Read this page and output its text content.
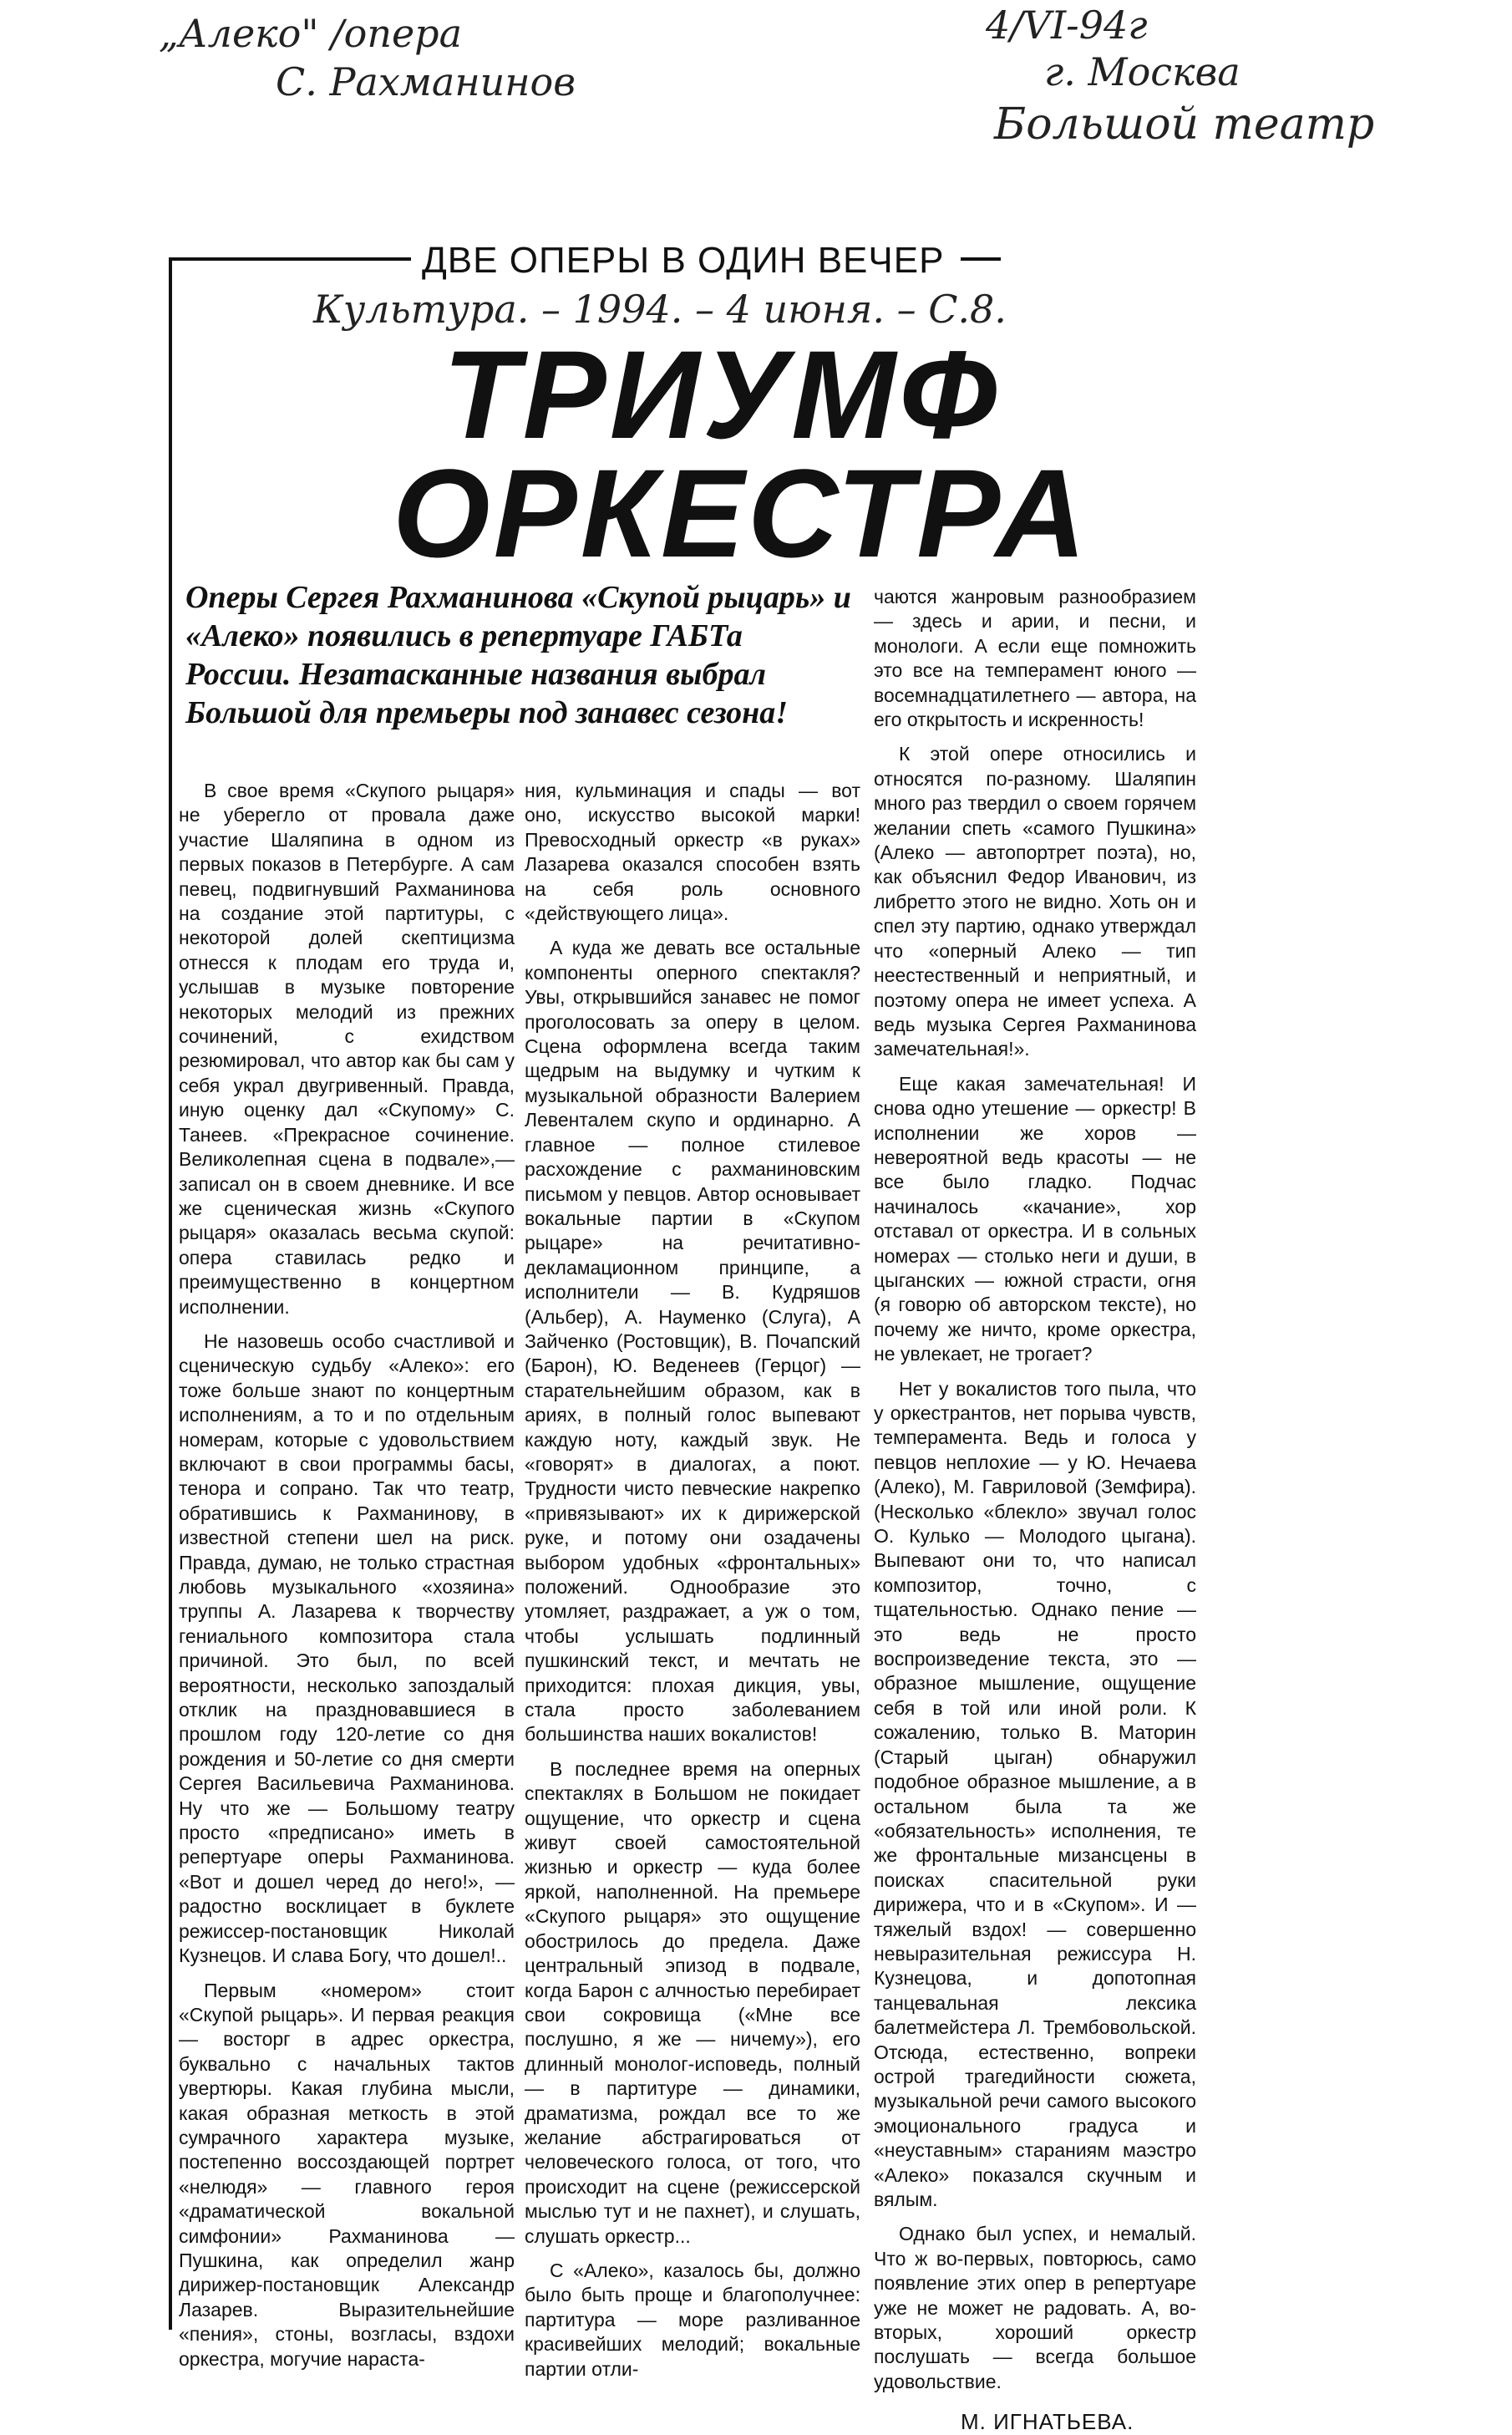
„Алеко" /опера
С. Рахманинов
4/VI-94г
г. Москва
Большой театр
ДВЕ ОПЕРЫ В ОДИН ВЕЧЕР
Культура. – 1994. – 4 июня. – С.8.
ТРИУМФ
ОРКЕСТРА
Оперы Сергея Рахманинова «Скупой рыцарь» и «Алеко» появились в репертуаре ГАБТа России. Незатасканные названия выбрал Большой для премьеры под занавес сезона!

В свое время «Скупого рыцаря» не уберегло от провала даже участие Шаляпина в одном из первых показов в Петербурге. А сам певец, подвигнувший Рахманинова на создание этой партитуры, с некоторой долей скептицизма отнесся к плодам его труда и, услышав в музыке повторение некоторых мелодий из прежних сочинений, с ехидством резюмировал, что автор как бы сам у себя украл двугривенный. Правда, иную оценку дал «Скупому» С. Танеев. «Прекрасное сочинение. Великолепная сцена в подвале»,— записал он в своем дневнике. И все же сценическая жизнь «Скупого рыцаря» оказалась весьма скупой: опера ставилась редко и преимущественно в концертном исполнении.

Не назовешь особо счастливой и сценическую судьбу «Алеко»: его тоже больше знают по концертным исполнениям, а то и по отдельным номерам, которые с удовольствием включают в свои программы басы, тенора и сопрано. Так что театр, обратившись к Рахманинову, в известной степени шел на риск. Правда, думаю, не только страстная любовь музыкального «хозяина» труппы А. Лазарева к творчеству гениального композитора стала причиной. Это был, по всей вероятности, несколько запоздалый отклик на праздновавшиеся в прошлом году 120-летие со дня рождения и 50-летие со дня смерти Сергея Васильевича Рахманинова. Ну что же — Большому театру просто «предписано» иметь в репертуаре оперы Рахманинова. «Вот и дошел черед до него!», — радостно восклицает в буклете режиссер-постановщик Николай Кузнецов. И слава Богу, что дошел!..

Первым «номером» стоит «Скупой рыцарь». И первая реакция — восторг в адрес оркестра, буквально с начальных тактов увертюры. Какая глубина мысли, какая образная меткость в этой сумрачного характера музыке, постепенно воссоздающей портрет «нелюдя» — главного героя «драматической вокальной симфонии» Рахманинова — Пушкина, как определил жанр дирижер-постановщик Александр Лазарев. Выразительнейшие «пения», стоны, возгласы, вздохи оркестра, могучие нараста-

ния, кульминация и спады — вот оно, искусство высокой марки! Превосходный оркестр «в руках» Лазарева оказался способен взять на себя роль основного «действующего лица».

А куда же девать все остальные компоненты оперного спектакля? Увы, открывшийся занавес не помог проголосовать за оперу в целом. Сцена оформлена всегда таким щедрым на выдумку и чутким к музыкальной образности Валерием Левенталем скупо и ординарно. А главное — полное стилевое расхождение с рахманиновским письмом у певцов. Автор основывает вокальные партии в «Скупом рыцаре» на речитативно-декламационном принципе, а исполнители — В. Кудряшов (Альбер), А. Науменко (Слуга), А Зайченко (Ростовщик), В. Почапский (Барон), Ю. Веденеев (Герцог) — старательнейшим образом, как в ариях, в полный голос выпевают каждую ноту, каждый звук. Не «говорят» в диалогах, а поют. Трудности чисто певческие накрепко «привязывают» их к дирижерской руке, и потому они озадачены выбором удобных «фронтальных» положений. Однообразие это утомляет, раздражает, а уж о том, чтобы услышать подлинный пушкинский текст, и мечтать не приходится: плохая дикция, увы, стала просто заболеванием большинства наших вокалистов!

В последнее время на оперных спектаклях в Большом не покидает ощущение, что оркестр и сцена живут своей самостоятельной жизнью и оркестр — куда более яркой, наполненной. На премьере «Скупого рыцаря» это ощущение обострилось до предела. Даже центральный эпизод в подвале, когда Барон с алчностью перебирает свои сокровища («Мне все послушно, я же — ничему»), его длинный монолог-исповедь, полный — в партитуре — динамики, драматизма, рождал все то же желание абстрагироваться от человеческого голоса, от того, что происходит на сцене (режиссерской мыслью тут и не пахнет), и слушать, слушать оркестр...

С «Алеко», казалось бы, должно было быть проще и благополучнее: партитура — море разливанное красивейших мелодий; вокальные партии отли-

чаются жанровым разнообразием — здесь и арии, и песни, и монологи. А если еще помножить это все на темперамент юного — восемнадцатилетнего — автора, на его открытость и искренность!

К этой опере относились и относятся по-разному. Шаляпин много раз твердил о своем горячем желании спеть «самого Пушкина» (Алеко — автопортрет поэта), но, как объяснил Федор Иванович, из либретто этого не видно. Хоть он и спел эту партию, однако утверждал что «оперный Алеко — тип неестественный и неприятный, и поэтому опера не имеет успеха. А ведь музыка Сергея Рахманинова замечательная!».

Еще какая замечательная! И снова одно утешение — оркестр! В исполнении же хоров — невероятной ведь красоты — не все было гладко. Подчас начиналось «качание», хор отставал от оркестра. И в сольных номерах — столько неги и души, в цыганских — южной страсти, огня (я говорю об авторском тексте), но почему же ничто, кроме оркестра, не увлекает, не трогает?

Нет у вокалистов того пыла, что у оркестрантов, нет порыва чувств, темперамента. Ведь и голоса у певцов неплохие — у Ю. Нечаева (Алеко), М. Гавриловой (Земфира). (Несколько «блекло» звучал голос О. Кулько — Молодого цыгана). Выпевают они то, что написал композитор, точно, с тщательностью. Однако пение — это ведь не просто воспроизведение текста, это — образное мышление, ощущение себя в той или иной роли. К сожалению, только В. Маторин (Старый цыган) обнаружил подобное образное мышление, а в остальном была та же «обязательность» исполнения, те же фронтальные мизансцены в поисках спасительной руки дирижера, что и в «Скупом». И — тяжелый вздох! — совершенно невыразительная режиссура Н. Кузнецова, и допотопная танцевальная лексика балетмейстера Л. Трембовольской. Отсюда, естественно, вопреки острой трагедийности сюжета, музыкальной речи самого высокого эмоционального градуса и «неуставным» стараниям маэстро «Алеко» показался скучным и вялым.

Однако был успех, и немалый. Что ж во-первых, повторюсь, само появление этих опер в репертуаре уже не может не радовать. А, во-вторых, хороший оркестр послушать — всегда большое удовольствие.

М. ИГНАТЬЕВА.
